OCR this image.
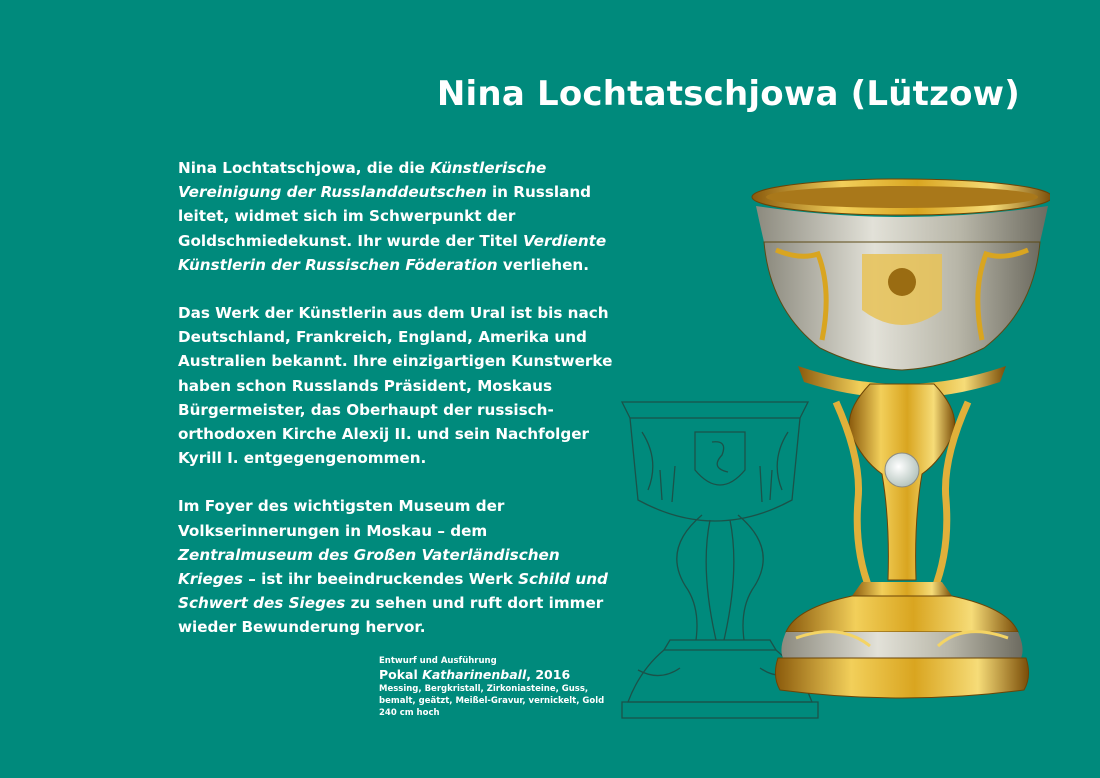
Nina Lochtatschjowa (Lützow)

Nina Lochtatschjowa, die die Künstlerische Vereinigung der Russlanddeutschen in Russland leitet, widmet sich im Schwerpunkt der Goldschmiedekunst. Ihr wurde der Titel Verdiente Künstlerin der Russischen Föderation verliehen.

Das Werk der Künstlerin aus dem Ural ist bis nach Deutschland, Frankreich, England, Amerika und Australien bekannt. Ihre einzigartigen Kunstwerke haben schon Russlands Präsident, Moskaus Bürgermeister, das Oberhaupt der russisch-orthodoxen Kirche Alexij II. und sein Nachfolger Kyrill I. entgegengenommen.

Im Foyer des wichtigsten Museum der Volkserinnerungen in Moskau – dem Zentralmuseum des Großen Vaterländischen Krieges – ist ihr beeindruckendes Werk Schild und Schwert des Sieges zu sehen und ruft dort immer wieder Bewunderung hervor.

Entwurf und Ausführung
Pokal Katharinenball, 2016
Messing, Bergkristall, Zirkoniasteine, Guss,
bemalt, geätzt, Meißel-Gravur, vernickelt, Gold
240 cm hoch
